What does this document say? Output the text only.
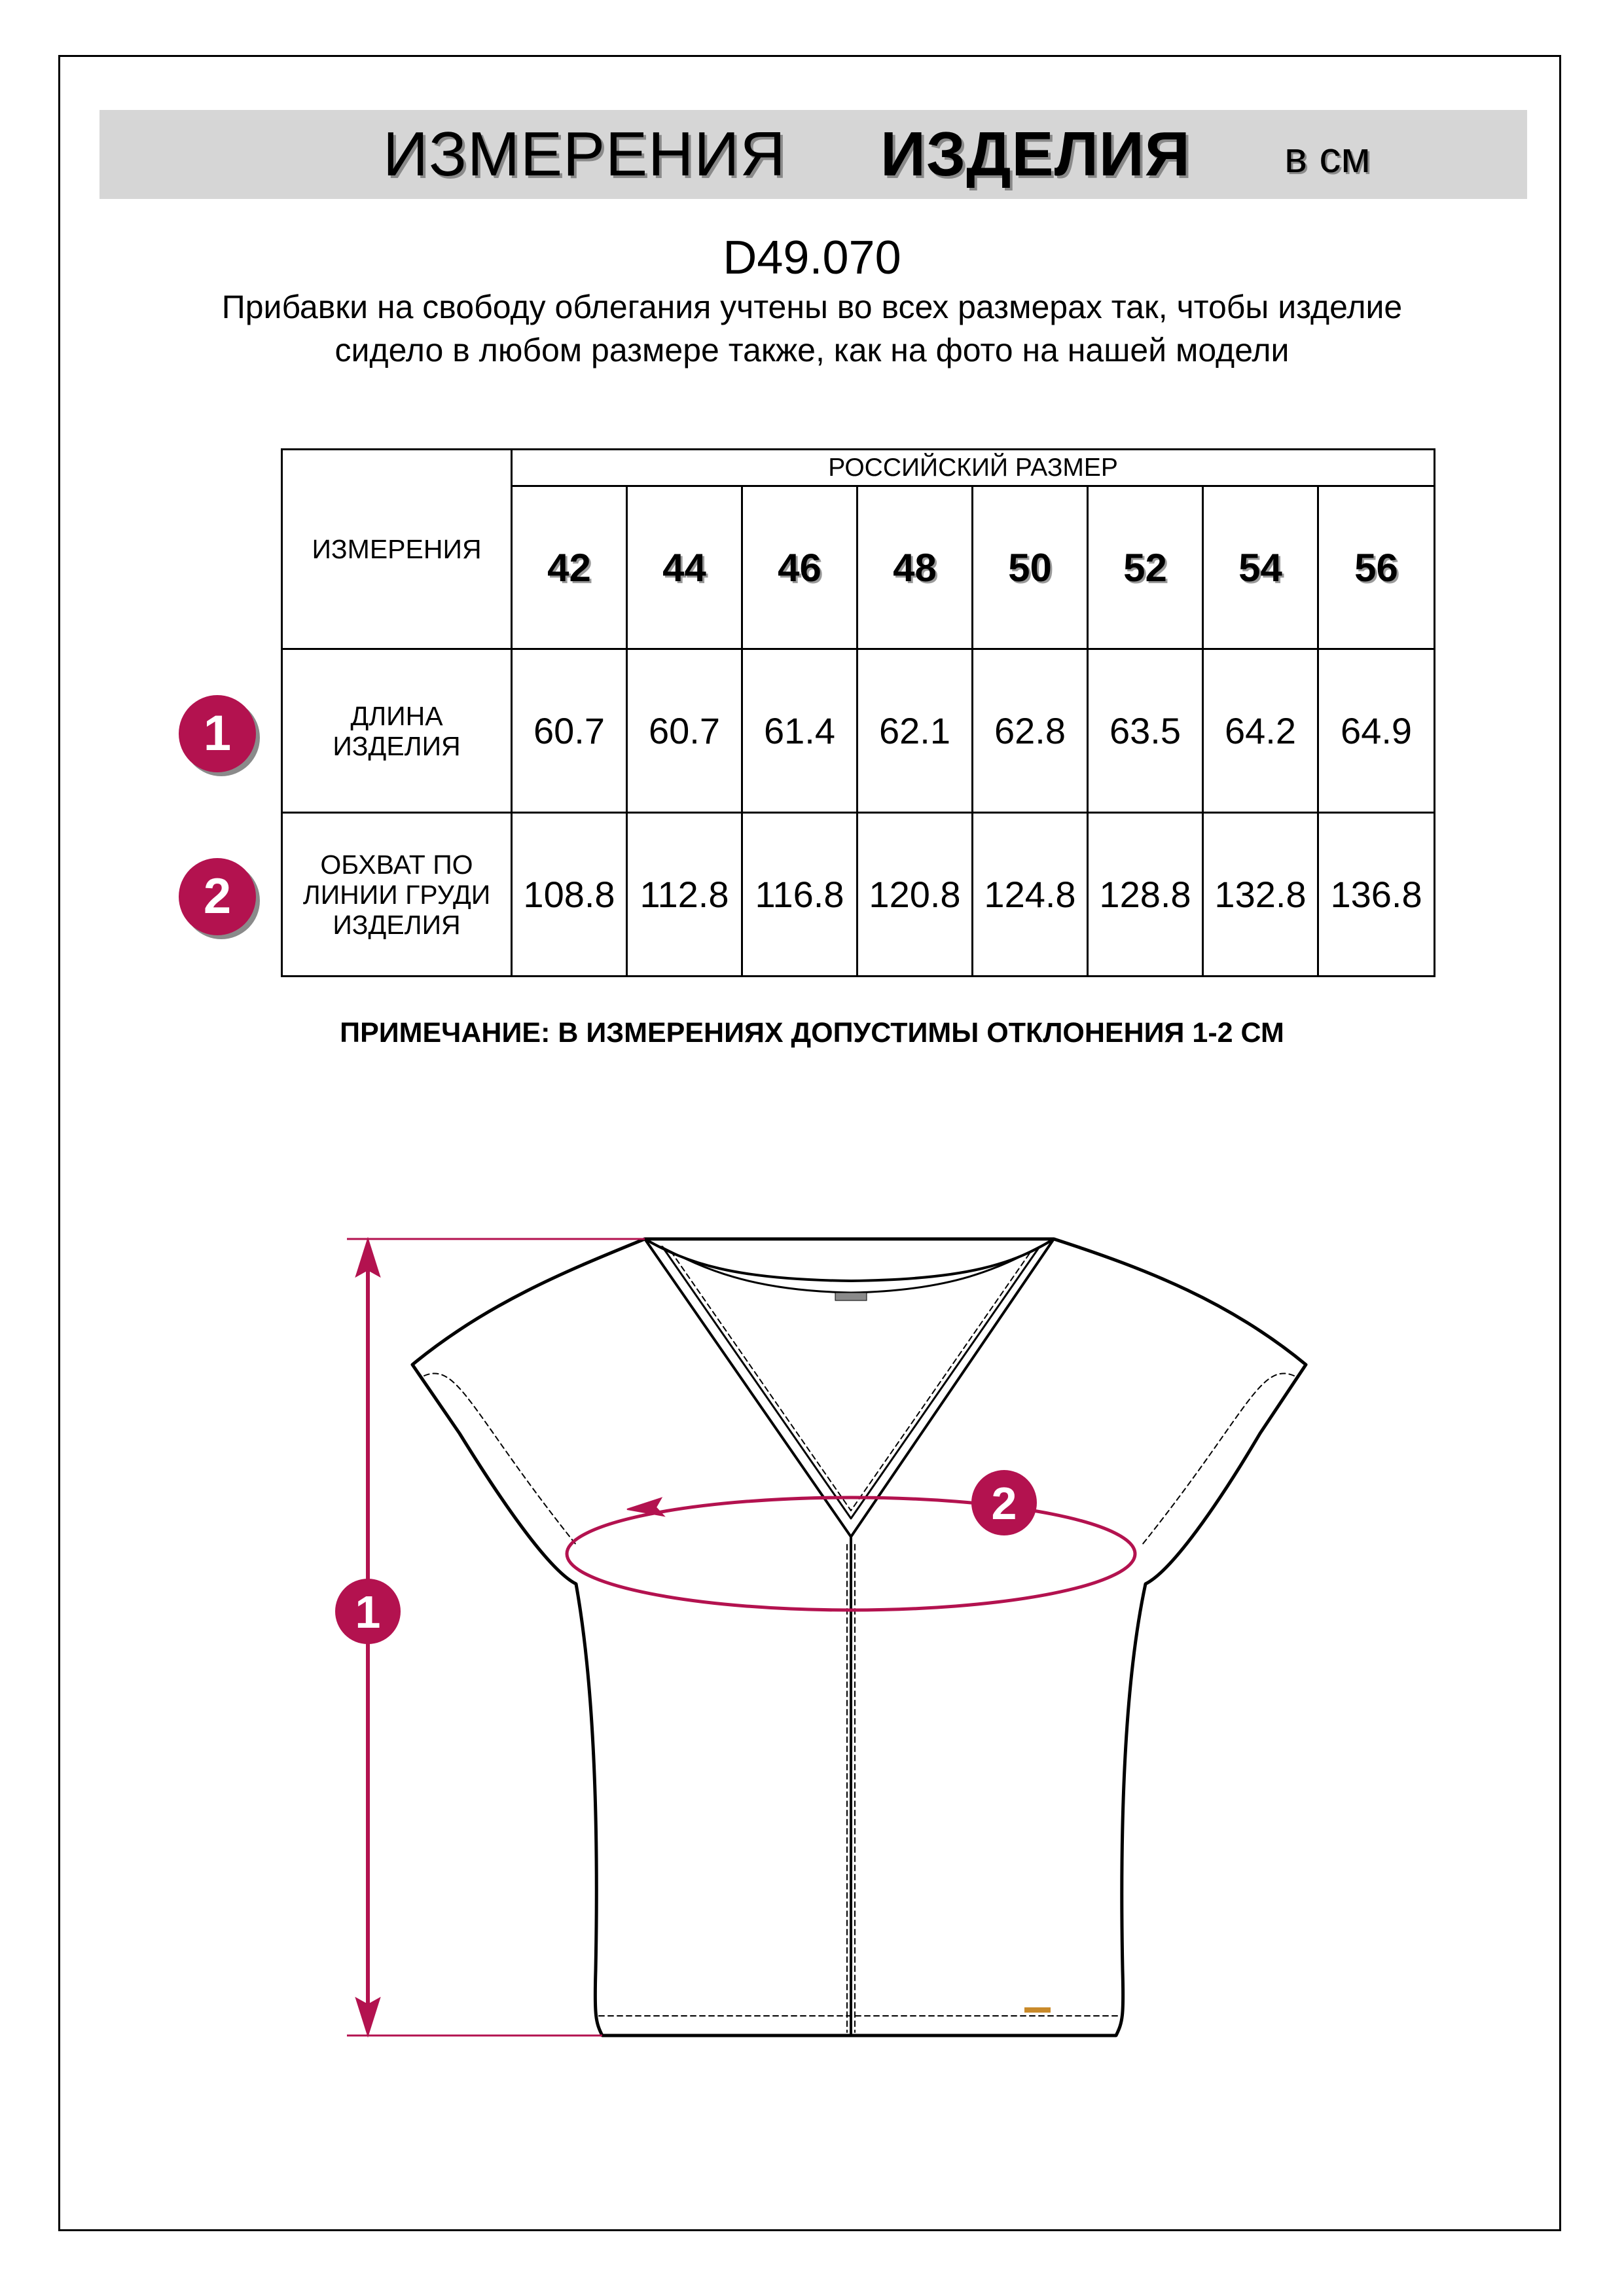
ИЗМЕРЕНИЯ ИЗДЕЛИЯ в см
D49.070
Прибавки на свободу облегания учтены во всех размерах так, чтобы изделие сидело в любом размере также, как на фото на нашей модели
ИЗМЕРЕНИЯ	РОССИЙСКИЙ РАЗМЕР							
	42	44	46	48	50	52	54	56

ДЛИНА
ИЗДЕЛИЯ	60.7	60.7	61.4	62.1	62.8	63.5	64.2	64.9

ОБХВАТ ПО
ЛИНИИ ГРУДИ
ИЗДЕЛИЯ	108.8	112.8	116.8	120.8	124.8	128.8	132.8	136.8
1
2
ПРИМЕЧАНИЕ: В ИЗМЕРЕНИЯХ ДОПУСТИМЫ ОТКЛОНЕНИЯ 1-2 СМ
1
2
